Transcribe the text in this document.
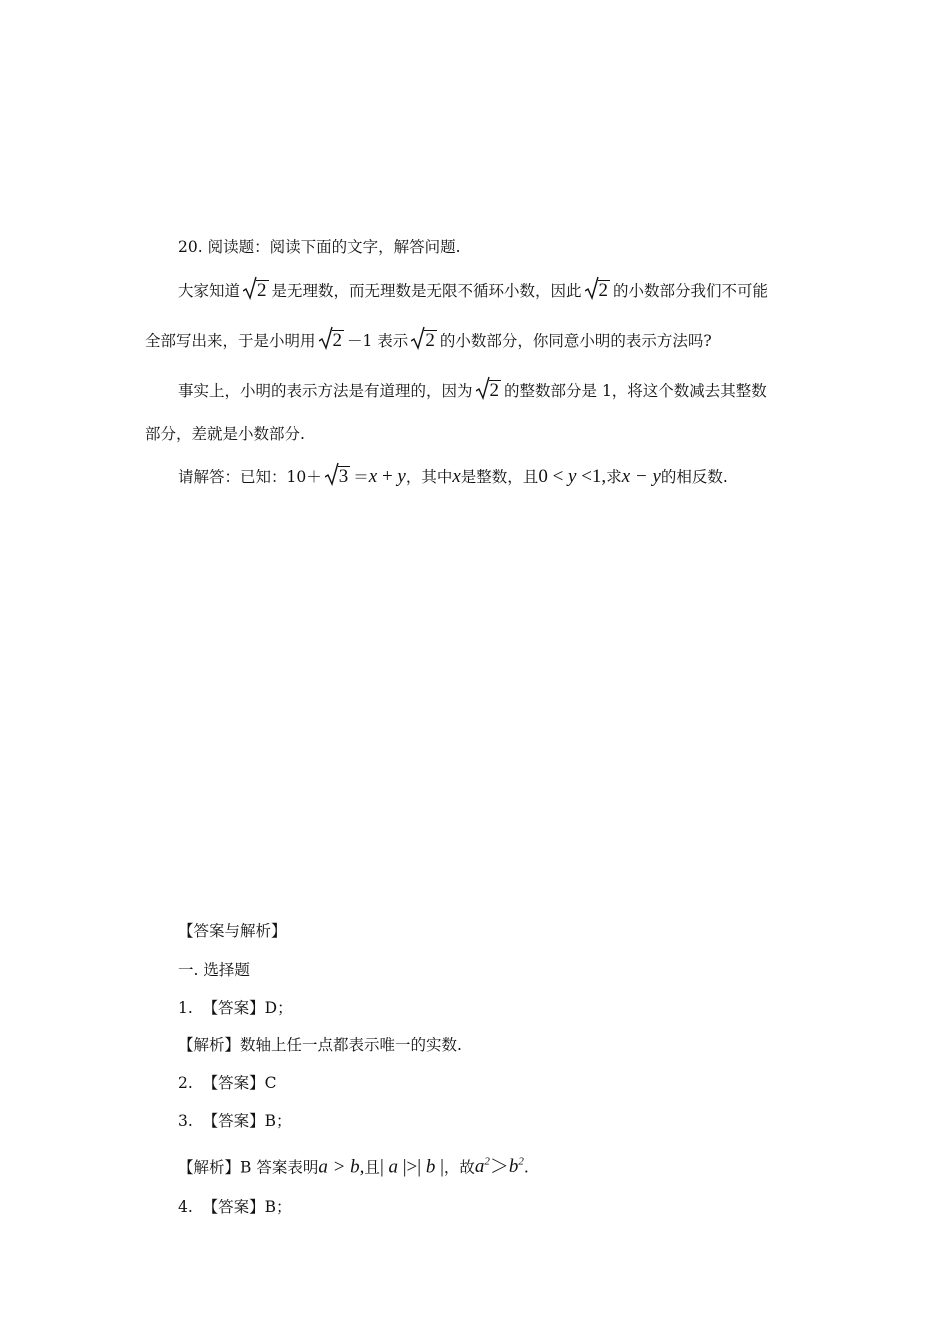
20. 阅读题：阅读下面的文字，解答问题.
大家知道 2 是无理数，而无理数是无限不循环小数，因此 2 的小数部分我们不可能
全部写出来，于是小明用 2 －1 表示 2 的小数部分，你同意小明的表示方法吗?
事实上，小明的表示方法是有道理的，因为 2 的整数部分是 1，将这个数减去其整数
部分，差就是小数部分.
请解答：已知：10＋ 3 ＝x + y，其中x是整数，且0 < y <1,求x − y的相反数.
【答案与解析】
一. 选择题
1. 【答案】D；
【解析】数轴上任一点都表示唯一的实数.
2. 【答案】C
3. 【答案】B；
【解析】B 答案表明a > b,且| a |>| b |，故$a^2>b^2$.
4. 【答案】B；
